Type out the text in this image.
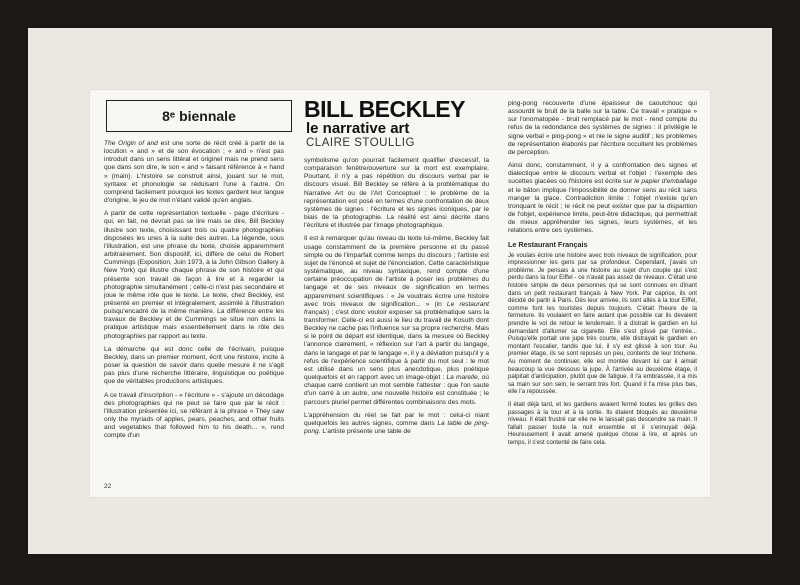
8ᵉ biennale	BILL BECKLEY
le narrative art
CLAIRE STOULLIG

The Origin of and est une sorte de récit créé à partir de la locution « and » et de son évocation ; « and » n'est pas introduit dans un sens littéral et originel mais ne prend sens que dans son dire, le son « and » faisant référence à « hand » (main). L'histoire se construit ainsi, jouant sur le mot, syntaxe et phonologie se réduisant l'une à l'autre. On comprend facilement pourquoi les textes gardent leur langue d'origine, le jeu de mot n'étant validé qu'en anglais.

A partir de cette représentation textuelle - page d'écriture - qui, en fait, ne devrait pas se lire mais se dire, Bill Beckley illustre son texte, choisissant trois ou quatre photographies disposées les unes à la suite des autres. La légende, sous l'illustration, est une phrase du texte, choisie apparemment arbitrairement. Son dispositif, ici, diffère de celui de Robert Cummings (Exposition, Juin 1973, à la John Gibson Gallery à New York) qui illustre chaque phrase de son histoire et qui présente son travail de façon à lire et à regarder la photographie simultanément ; celle-ci n'est pas secondaire et joue le même rôle que le texte. Le texte, chez Beckley, est présenté en premier et intégralement, assimilé à l'illustration puisqu'encadré de la même manière. La différence entre les travaux de Beckley et de Cummings se situe non dans la pratique artistique mais essentiellement dans le rôle des photographies par rapport au texte.

La démarche qui est donc celle de l'écrivain, puisque Beckley, dans un premier moment, écrit une histoire, incite à poser la question de savoir dans quelle mesure il ne s'agit pas plus d'une recherche littéraire, linguistique ou poétique que de véritables productions artistiques.

A ce travail d'inscription - « l'écriture » - s'ajoute un décodage des photographies qui ne peut se faire que par le récit : l'illustration présentée ici, se réfèrant à la phrase « They saw only the myriads of apples, pears, peaches, and other fruits and vegetables that followed him to his death... », rend compte d'un

symbolisme qu'on pourrait facilement qualifier d'excessif, la comparaison fenêtre/ouverture sur la mort est exemplaire. Pourtant, il n'y a pas répétition du discours verbal par le discours visuel. Bill Beckley se réfère à la problématique du Narrative Art ou de l'Art Conceptuel : le problème de la représentation est posé en termes d'une confrontation de deux systèmes de signes : l'écriture et les signes iconiques, par le biais de la photographie. La réalité est ainsi décrite dans l'écriture et illustrée par l'image photographique.

Il est à remarquer qu'au niveau du texte lui-même, Beckley fait usage constamment de la première personne et du passé simple ou de l'imparfait comme temps du discours ; l'artiste est sujet de l'énoncé et sujet de l'énonciation. Cette caractéristique systématique, au niveau syntaxique, rend compte d'une certaine préoccupation de l'artiste à poser les problèmes du langage et de ses niveaux de signification en termes apparemment scientifiques : « Je voudrais écrire une histoire avec trois niveaux de signification... » (in Le restaurant français) ; c'est donc vouloir exposer sa problématique sans la transformer. Celle-ci est aussi le lieu du travail de Kosuth dont Beckley ne cache pas l'influence sur sa propre recherche. Mais si le point de départ est identique, dans la mesure où Beckley l'annonce clairement, « réflexion sur l'art à partir du langage, dans le langage et par le langage », il y a déviation puisqu'il y a refus de l'expérience scientifique à partir du mot seul : le mot est utilisé dans un sens plus anecdotique, plus poétique quelquefois et en rapport avec un image-objet : La marelle, où chaque carré contient un mot semble l'attester : que l'on saute d'un carré à un autre, une nouvelle histoire est constituée ; le parcours pluriel permet différentes combinaisons des mots.

L'appréhension du réel se fait par le mot : celui-ci niant quelquefois les autres signes, comme dans La table de ping-pong. L'artiste présente une table de

ping-pong recouverte d'une épaisseur de caoutchouc qui assourdit le bruit de la balle sur la table. Ce travail « pratique » sur l'onomatopée - bruit remplacé par le mot - rend compte du refus de la redondance des systèmes de signes : il privilégie le signe verbal « ping-pong » et nie le signe auditif ; les problèmes de représentation élaborés par l'écriture occultent les problèmes de perception.

Ainsi donc, constamment, il y a confrontation des signes et dialectique entre le discours verbal et l'objet : l'exemple des sucettes glacées où l'histoire est écrite sur le papier d'emballage et le bâton implique l'impossibilité de donner sens au récit sans manger la glace. Contradiction limite : l'objet n'existe qu'en tronquant le récit ; le récit ne peut exister que par la disparition de l'objet, expérience limite, peut-être didactique, qui permettrait de mieux appréhender les signes, leurs systèmes, et les relations entre ces systèmes.

Le Restaurant Français

Je voulais écrire une histoire avec trois niveaux de signification, pour impressionner les gens par sa profondeur. Cependant, j'avais un problème. Je pensais à une histoire au sujet d'un couple qui s'est perdu dans la tour Eiffel - ce n'avait pas assez de niveaux. C'était une histoire simple de deux personnes qui se sont connues en dînant dans un petit restaurant français à New York. Par caprice, ils ont décidé de partir à Paris. Dès leur arrivée, ils sont allés à la tour Eiffel, comme font les touristes depuis toujours. C'était l'heure de la fermeture. Ils voulaient en faire autant que possible car ils devaient prendre le vol de retour le lendemain. Il a distrait le gardien en lui demandant d'allumer sa cigarette. Elle s'est glissé par l'entrée... Puisqu'elle portait une jupe très courte, elle distrayait le gardien en montant l'escalier, tandis que lui, il s'y est glissé à son tour. Au premier étage, ils se sont reposés un peu, contents de leur tricherie. Au moment de continuer, elle est montée devant lui car il aimait beaucoup la vue dessous la jupe. À l'arrivée au deuxième étage, il palpitait d'anticipation, plutôt que de fatigue. Il l'a embrassée, il a mis sa main sur son sein, le serrant très fort. Quand il l'a mise plus bas, elle l'a repoussée.

Il était déjà tard, et les gardiens avaient fermé toutes les grilles des passages à la tour et à la sortie. Ils étaient bloqués au deuxième niveau. Il était frustré car elle ne le laissait pas descendre sa main. Il fallait passer toute la nuit ensemble et il s'ennuyait déjà. Heureusement il avait amené quelque chose à lire, et après un temps, il s'est contenté de faire cela.

22
